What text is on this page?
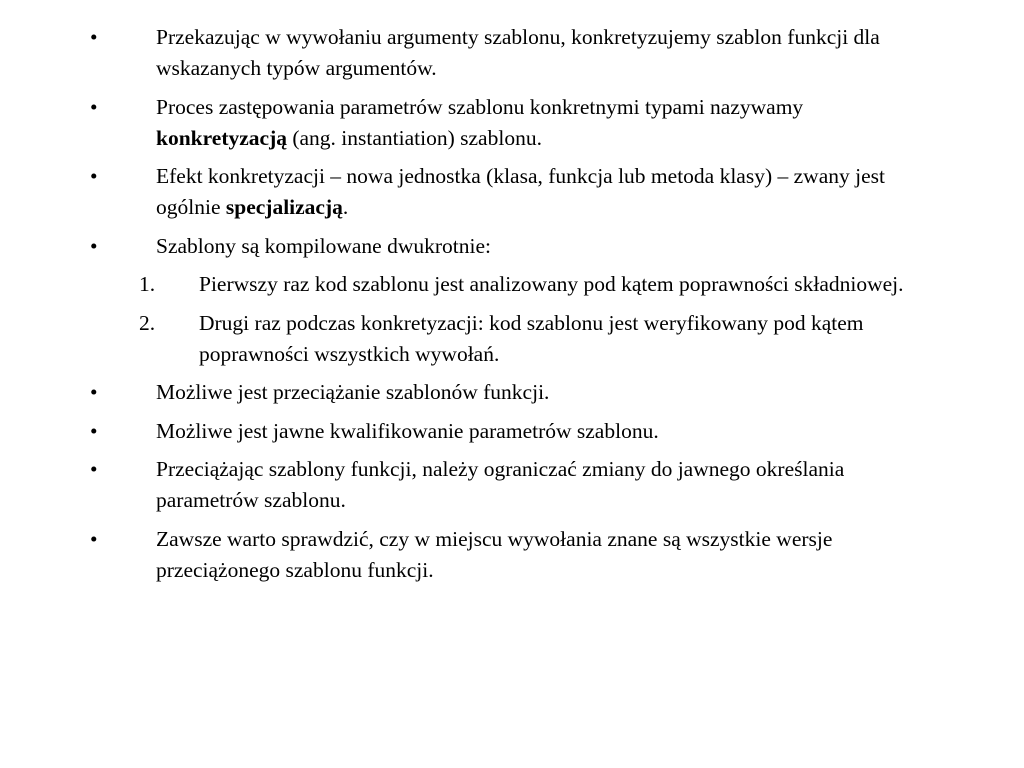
•	Przekazując w wywołaniu argumenty szablonu, konkretyzujemy szablon funkcji dla wskazanych typów argumentów.
•	Proces zastępowania parametrów szablonu konkretnymi typami nazywamy konkretyzacją (ang. instantiation) szablonu.
•	Efekt konkretyzacji – nowa jednostka (klasa, funkcja lub metoda klasy) – zwany jest ogólnie specjalizacją.
•	Szablony są kompilowane dwukrotnie:
1. Pierwszy raz kod szablonu jest analizowany pod kątem poprawności składniowej.
2. Drugi raz podczas konkretyzacji: kod szablonu jest weryfikowany pod kątem poprawności wszystkich wywołań.
•	Możliwe jest przeciążanie szablonów funkcji.
•	Możliwe jest jawne kwalifikowanie parametrów szablonu.
•	Przeciążając szablony funkcji, należy ograniczać zmiany do jawnego określania parametrów szablonu.
•	Zawsze warto sprawdzić, czy w miejscu wywołania znane są wszystkie wersje przeciążonego szablonu funkcji.
